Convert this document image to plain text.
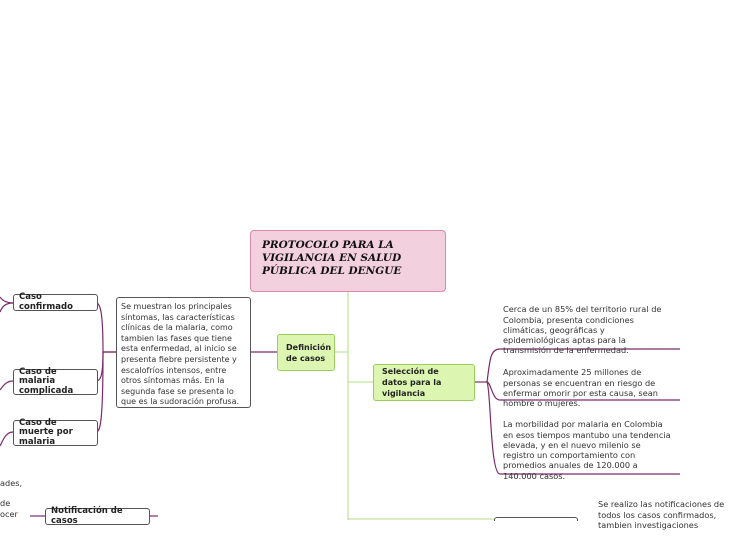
PROTOCOLO PARA LA VIGILANCIA EN SALUD PÚBLICA DEL DENGUE
Definición de casos
Selección de datos para la vigilancia
Se muestran los principales síntomas, las características clínicas de la malaria, como tambien las fases que tiene esta enfermedad, al inicio se presenta fiebre persistente y escalofríos intensos, entre otros síntomas más. En la segunda fase se presenta lo que es la sudoración profusa.
Caso confirmado
Caso de malaria complicada
Caso de muerte por malaria
Notificación de casos

Cerca de un 85% del territorio rural de Colombia, presenta condiciones climáticas, geográficas y epidemiológicas aptas para la transmisión de la enfermedad.

Aproximadamente 25 millones de personas se encuentran en riesgo de enfermar omorir por esta causa, sean hombre o mujeres.

La morbilidad por malaria en Colombia en esos tiempos mantubo una tendencia elevada, y en el nuevo milenio se registro un comportamiento con promedios anuales de 120.000 a 140.000 casos.

ades,
de
ocer

Se realizo las notificaciones de todos los casos confirmados, tambien investigaciones
